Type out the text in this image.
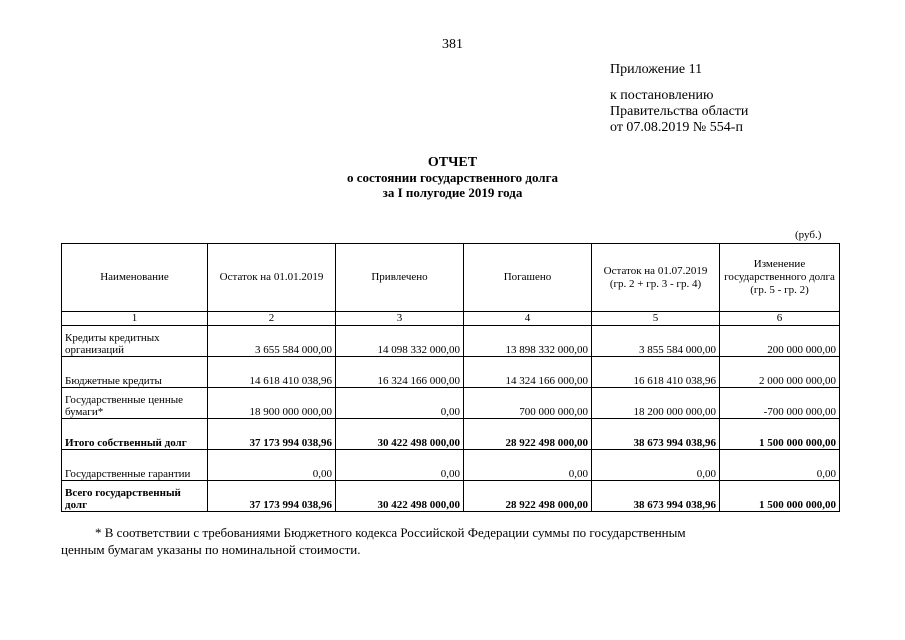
381
Приложение 11
к постановлению
Правительства области
от 07.08.2019 № 554-п
ОТЧЕТ
о состоянии государственного долга
за I полугодие 2019 года
(руб.)
Наименование	Остаток на 01.01.2019	Привлечено	Погашено	Остаток на 01.07.2019 (гр. 2 + гр. 3 - гр. 4)	Изменение государственного долга (гр. 5 - гр. 2)
1	2	3	4	5	6
Кредиты кредитных организаций	3 655 584 000,00	14 098 332 000,00	13 898 332 000,00	3 855 584 000,00	200 000 000,00
Бюджетные кредиты	14 618 410 038,96	16 324 166 000,00	14 324 166 000,00	16 618 410 038,96	2 000 000 000,00
Государственные ценные бумаги*	18 900 000 000,00	0,00	700 000 000,00	18 200 000 000,00	-700 000 000,00
Итого собственный долг	37 173 994 038,96	30 422 498 000,00	28 922 498 000,00	38 673 994 038,96	1 500 000 000,00
Государственные гарантии	0,00	0,00	0,00	0,00	0,00
Всего государственный долг	37 173 994 038,96	30 422 498 000,00	28 922 498 000,00	38 673 994 038,96	1 500 000 000,00
* В соответствии с требованиями Бюджетного кодекса Российской Федерации суммы по государственным
ценным бумагам указаны по номинальной стоимости.
